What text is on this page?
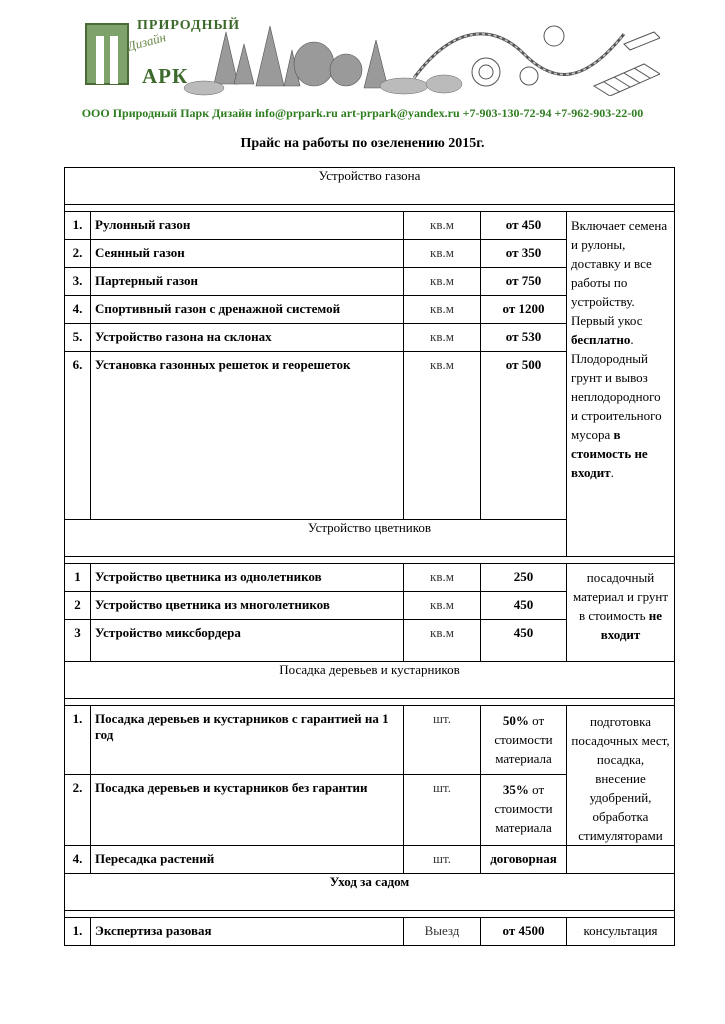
ПРИРОДНЫЙ
Дизайн
АРК
ООО Природный Парк Дизайн info@prpark.ru art-prpark@yandex.ru +7-903-130-72-94 +7-962-903-22-00
Прайс на работы по озеленению 2015г.
Устройство газона				

1.	Рулонный газон	кв.м	от 450	Включает семена и рулоны, доставку и все работы по устройству. Первый укос бесплатно. Плодородный грунт и вывоз неплодородного и строительного мусора в стоимость не входит.
2.	Сеянный газон	кв.м	от 350	
3.	Партерный газон	кв.м	от 750	
4.	Спортивный газон с дренажной системой	кв.м	от 1200	
5.	Устройство газона на склонах	кв.м	от 530	
6.	Установка газонных решеток и георешеток	кв.м	от 500	
Устройство цветников				

1	Устройство цветника из однолетников	кв.м	250	посадочный материал и грунт в стоимость не входит
2	Устройство цветника из многолетников	кв.м	450	
3	Устройство миксбордера	кв.м	450	
Посадка деревьев и кустарников				

1.	Посадка деревьев и кустарников с гарантией на 1 год	шт.	50% от стоимости материала	подготовка посадочных мест, посадка, внесение удобрений, обработка стимуляторами
2.	Посадка деревьев и кустарников без гарантии	шт.	35% от стоимости материала	
4.	Пересадка растений	шт.	договорная	
Уход за садом				

1.	Экспертиза разовая	Выезд	от 4500	консультация
